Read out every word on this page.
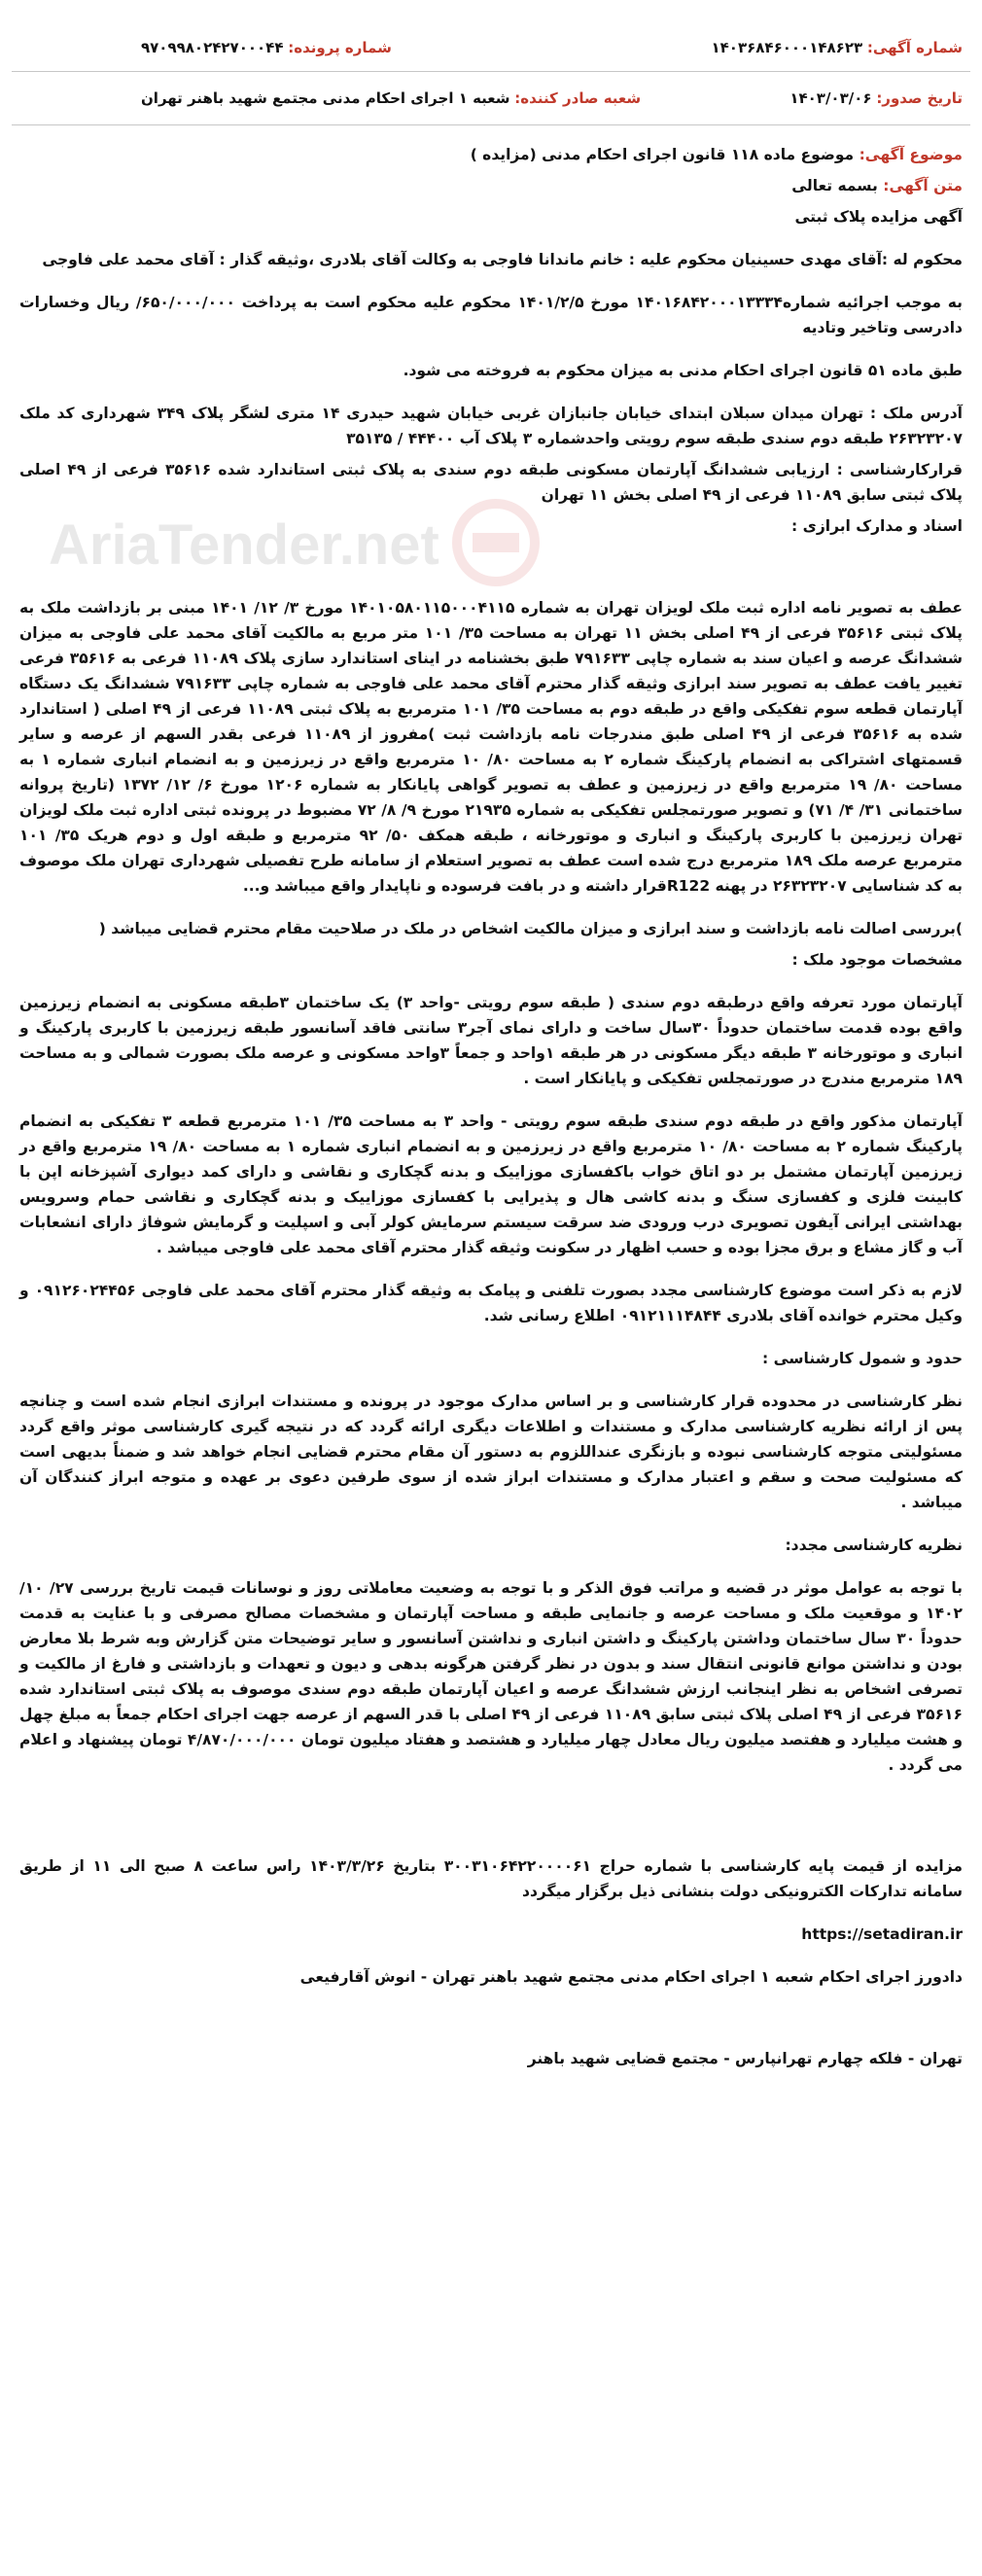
شماره آگهی: ۱۴۰۳۶۸۴۶۰۰۰۱۴۸۶۲۳
شماره پرونده: ۹۷۰۹۹۸۰۲۴۲۷۰۰۰۴۴
تاریخ صدور: ۱۴۰۳/۰۳/۰۶
شعبه صادر کننده: شعبه ۱ اجرای احکام مدنی مجتمع شهید باهنر تهران
AriaTender.net

موضوع آگهی: موضوع ماده ۱۱۸ قانون اجرای احکام مدنی (مزایده )

متن آگهی: بسمه تعالی

آگهی مزایده پلاک ثبتی

محکوم له :آقای مهدی حسینیان محکوم علیه : خانم ماندانا فاوجی به وکالت آقای بلادری ،وثیقه گذار : آقای محمد علی فاوجی

به موجب اجرائیه شماره۱۴۰۱۶۸۴۲۰۰۰۱۳۳۳۴ مورخ ۱۴۰۱/۲/۵ محکوم علیه محکوم است به پرداخت ۶۵۰/۰۰۰/۰۰۰/ ریال وخسارات دادرسی وتاخیر وتادیه

طبق ماده ۵۱ قانون اجرای احکام مدنی به میزان محکوم به فروخته می شود.

آدرس ملک : تهران میدان سبلان ابتدای خیابان جانبازان غربی خیابان شهید حیدری ۱۴ متری لشگر پلاک ۳۴۹ شهرداری کد ملک ۲۶۳۲۳۲۰۷ طبقه دوم سندی طبقه سوم رویتی واحدشماره ۳ پلاک آب ۴۴۴۰۰ / ۳۵۱۳۵

قرارکارشناسی : ارزیابی ششدانگ آپارتمان مسکونی طبقه دوم سندی به پلاک ثبتی استاندارد شده ۳۵۶۱۶ فرعی از ۴۹ اصلی پلاک ثبتی سابق ۱۱۰۸۹ فرعی از ۴۹ اصلی بخش ۱۱ تهران

اسناد و مدارک ابرازی :

عطف به تصویر نامه اداره ثبت ملک لویزان تهران به شماره ۱۴۰۱۰۵۸۰۱۱۵۰۰۰۴۱۱۵ مورخ ۳/ ۱۲/ ۱۴۰۱ مبنی بر بازداشت ملک به پلاک ثبتی ۳۵۶۱۶ فرعی از ۴۹ اصلی بخش ۱۱ تهران به مساحت ۳۵/ ۱۰۱ متر مربع به مالکیت آقای محمد علی فاوجی به میزان ششدانگ عرصه و اعیان سند به شماره چاپی ۷۹۱۶۳۳ طبق بخشنامه در اینای استاندارد سازی پلاک ۱۱۰۸۹ فرعی به ۳۵۶۱۶ فرعی تغییر یافت عطف به تصویر سند ابرازی وثیقه گذار محترم آقای محمد علی فاوجی به شماره چاپی ۷۹۱۶۳۳ ششدانگ یک دستگاه آپارتمان قطعه سوم تفکیکی واقع در طبقه دوم به مساحت ۳۵/ ۱۰۱ مترمربع به پلاک ثبتی ۱۱۰۸۹ فرعی از ۴۹ اصلی ( استاندارد شده به ۳۵۶۱۶ فرعی از ۴۹ اصلی طبق مندرجات نامه بازداشت ثبت )مفروز از ۱۱۰۸۹ فرعی بقدر السهم از عرصه و سایر قسمتهای اشتراکی به انضمام پارکینگ شماره ۲ به مساحت ۸۰/ ۱۰ مترمربع واقع در زیرزمین و به انضمام انباری شماره ۱ به مساحت ۸۰/ ۱۹ مترمربع واقع در زیرزمین و عطف به تصویر گواهی پایانکار به شماره ۱۲۰۶ مورخ ۶/ ۱۲/ ۱۳۷۲ (تاریخ پروانه ساختمانی ۳۱/ ۴/ ۷۱) و تصویر صورتمجلس تفکیکی به شماره ۲۱۹۳۵ مورخ ۹/ ۸/ ۷۲ مضبوط در پرونده ثبتی اداره ثبت ملک لویزان تهران زیرزمین با کاربری پارکینگ و انباری و موتورخانه ، طبقه همکف ۵۰/ ۹۲ مترمربع و طبقه اول و دوم هریک ۳۵/ ۱۰۱ مترمربع عرصه ملک ۱۸۹ مترمربع درج شده است عطف به تصویر استعلام از سامانه طرح تفصیلی شهرداری تهران ملک موصوف به کد شناسایی ۲۶۳۲۳۲۰۷ در پهنه R122قرار داشته و در بافت فرسوده و ناپایدار واقع میباشد و...

)بررسی اصالت نامه بازداشت و سند ابرازی و میزان مالکیت اشخاص در ملک در صلاحیت مقام محترم قضایی میباشد (

مشخصات موجود ملک :

آپارتمان مورد تعرفه واقع درطبقه دوم سندی ( طبقه سوم رویتی -واحد ۳) یک ساختمان ۳طبقه مسکونی به انضمام زیرزمین واقع بوده قدمت ساختمان حدوداً ۳۰سال ساخت و دارای نمای آجر۳ سانتی فاقد آسانسور طبقه زیرزمین با کاربری پارکینگ و انباری و موتورخانه ۳ طبقه دیگر مسکونی در هر طبقه ۱واحد و جمعاً ۳واحد مسکونی و عرصه ملک بصورت شمالی و به مساحت ۱۸۹ مترمربع مندرج در صورتمجلس تفکیکی و پایانکار است .

آپارتمان مذکور واقع در طبقه دوم سندی طبقه سوم رویتی - واحد ۳ به مساحت ۳۵/ ۱۰۱ مترمربع قطعه ۳ تفکیکی به انضمام پارکینگ شماره ۲ به مساحت ۸۰/ ۱۰ مترمربع واقع در زیرزمین و به انضمام انباری شماره ۱ به مساحت ۸۰/ ۱۹ مترمربع واقع در زیرزمین آپارتمان مشتمل بر دو اتاق خواب باکفسازی موزاییک و بدنه گچکاری و نقاشی و دارای کمد دیواری آشپزخانه اپن با کابینت فلزی و کفسازی سنگ و بدنه کاشی هال و پذیرایی با کفسازی موزاییک و بدنه گچکاری و نقاشی حمام وسرویس بهداشتی ایرانی آیفون تصویری درب ورودی ضد سرقت سیستم سرمایش کولر آبی و اسپلیت و گرمایش شوفاژ دارای انشعابات آب و گاز مشاع و برق مجزا بوده و حسب اظهار در سکونت وثیقه گذار محترم آقای محمد علی فاوجی میباشد .

لازم به ذکر است موضوع کارشناسی مجدد بصورت تلفنی و پیامک به وثیقه گذار محترم آقای محمد علی فاوجی ۰۹۱۲۶۰۲۴۴۵۶ و وکیل محترم خوانده آقای بلادری ۰۹۱۲۱۱۱۴۸۴۴ اطلاع رسانی شد.

حدود و شمول کارشناسی :

نظر کارشناسی در محدوده قرار کارشناسی و بر اساس مدارک موجود در پرونده و مستندات ابرازی انجام شده است و چنانچه پس از ارائه نظریه کارشناسی مدارک و مستندات و اطلاعات دیگری ارائه گردد که در نتیجه گیری کارشناسی موثر واقع گردد مسئولیتی متوجه کارشناسی نبوده و بازنگری عنداللزوم به دستور آن مقام محترم قضایی انجام خواهد شد و ضمناً بدیهی است که مسئولیت صحت و سقم و اعتبار مدارک و مستندات ابراز شده از سوی طرفین دعوی بر عهده و متوجه ابراز کنندگان آن میباشد .

نظریه کارشناسی مجدد:

با توجه به عوامل موثر در قضیه و مراتب فوق الذکر و با توجه به وضعیت معاملاتی روز و نوسانات قیمت تاریخ بررسی ۲۷/ ۱۰/ ۱۴۰۲ و موقعیت ملک و مساحت عرصه و جانمایی طبقه و مساحت آپارتمان و مشخصات مصالح مصرفی و با عنایت به قدمت حدوداً ۳۰ سال ساختمان وداشتن پارکینگ و داشتن انباری و نداشتن آسانسور و سایر توضیحات متن گزارش وبه شرط بلا معارض بودن و نداشتن موانع قانونی انتقال سند و بدون در نظر گرفتن هرگونه بدهی و دیون و تعهدات و بازداشتی و فارغ از مالکیت و تصرفی اشخاص به نظر اینجانب ارزش ششدانگ عرصه و اعیان آپارتمان طبقه دوم سندی موصوف به پلاک ثبتی استاندارد شده ۳۵۶۱۶ فرعی از ۴۹ اصلی پلاک ثبتی سابق ۱۱۰۸۹ فرعی از ۴۹ اصلی با قدر السهم از عرصه جهت اجرای احکام جمعاً به مبلغ چهل و هشت میلیارد و هفتصد میلیون ریال معادل چهار میلیارد و هشتصد و هفتاد میلیون تومان ۴/۸۷۰/۰۰۰/۰۰۰ تومان پیشنهاد و اعلام می گردد .

مزایده از قیمت پایه کارشناسی با شماره حراج ۳۰۰۳۱۰۶۴۲۲۰۰۰۰۶۱ بتاریخ ۱۴۰۳/۳/۲۶ راس ساعت ۸ صبح الی ۱۱ از طریق سامانه تدارکات الکترونیکی دولت بنشانی ذیل برگزار میگردد

https://setadiran.ir

دادورز اجرای احکام شعبه ۱ اجرای احکام مدنی مجتمع شهید باهنر تهران - انوش آقارفیعی

تهران - فلکه چهارم تهرانپارس - مجتمع قضایی شهید باهنر
